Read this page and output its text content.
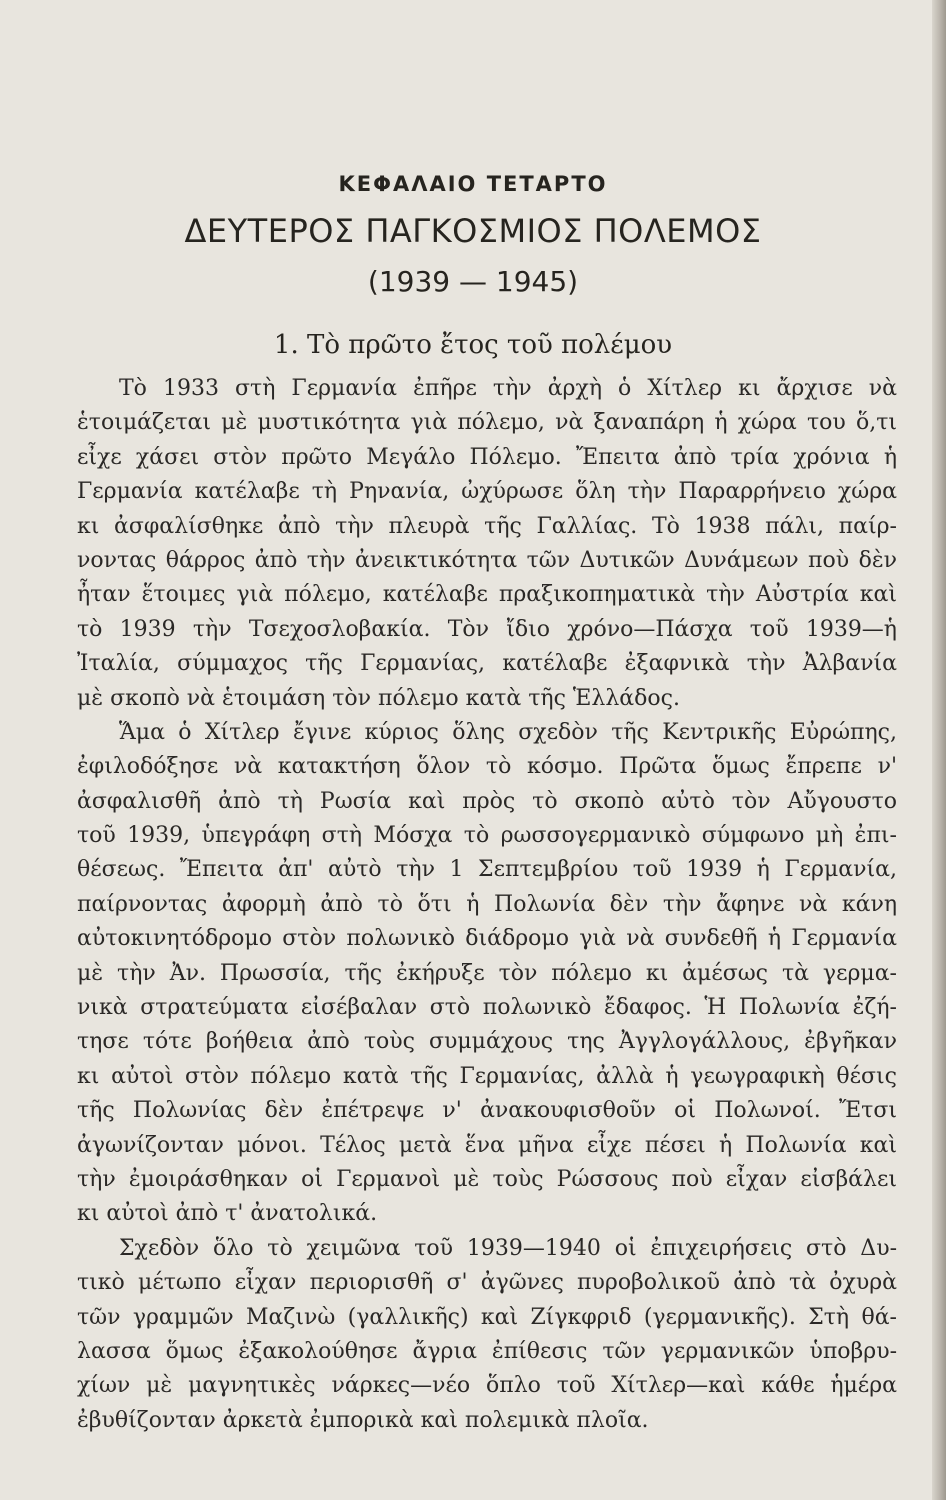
ΚΕΦΑΛΑΙΟ ΤΕΤΑΡΤΟ
ΔΕΥΤΕΡΟΣ ΠΑΓΚΟΣΜΙΟΣ ΠΟΛΕΜΟΣ
(1939 — 1945)
1. Τὸ πρῶτο ἔτος τοῦ πολέμου
Τὸ 1933 στὴ Γερμανία ἐπῆρε τὴν ἀρχὴ ὁ Χίτλερ κι ἄρχισε νὰ
ἑτοιμάζεται μὲ μυστικότητα γιὰ πόλεμο, νὰ ξαναπάρη ἡ χώρα του ὅ,τι
εἶχε χάσει στὸν πρῶτο Μεγάλο Πόλεμο. Ἔπειτα ἀπὸ τρία χρόνια ἡ
Γερμανία κατέλαβε τὴ Ρηνανία, ὠχύρωσε ὅλη τὴν Παραρρήνειο χώρα
κι ἀσφαλίσθηκε ἀπὸ τὴν πλευρὰ τῆς Γαλλίας. Τὸ 1938 πάλι, παίρ-
νοντας θάρρος ἀπὸ τὴν ἀνεικτικότητα τῶν Δυτικῶν Δυνάμεων ποὺ δὲν
ἦταν ἕτοιμες γιὰ πόλεμο, κατέλαβε πραξικοπηματικὰ τὴν Αὐστρία καὶ
τὸ 1939 τὴν Τσεχοσλοβακία. Τὸν ἴδιο χρόνο—Πάσχα τοῦ 1939—ἡ
Ἰταλία, σύμμαχος τῆς Γερμανίας, κατέλαβε ἐξαφνικὰ τὴν Ἀλβανία
μὲ σκοπὸ νὰ ἑτοιμάση τὸν πόλεμο κατὰ τῆς Ἑλλάδος.
Ἅμα ὁ Χίτλερ ἔγινε κύριος ὅλης σχεδὸν τῆς Κεντρικῆς Εὐρώπης,
ἐφιλοδόξησε νὰ κατακτήση ὅλον τὸ κόσμο. Πρῶτα ὅμως ἔπρεπε ν'
ἀσφαλισθῆ ἀπὸ τὴ Ρωσία καὶ πρὸς τὸ σκοπὸ αὐτὸ τὸν Αὔγουστο
τοῦ 1939, ὑπεγράφη στὴ Μόσχα τὸ ρωσσογερμανικὸ σύμφωνο μὴ ἐπι-
θέσεως. Ἔπειτα ἀπ' αὐτὸ τὴν 1 Σεπτεμβρίου τοῦ 1939 ἡ Γερμανία,
παίρνοντας ἀφορμὴ ἀπὸ τὸ ὅτι ἡ Πολωνία δὲν τὴν ἄφηνε νὰ κάνη
αὐτοκινητόδρομο στὸν πολωνικὸ διάδρομο γιὰ νὰ συνδεθῆ ἡ Γερμανία
μὲ τὴν Ἀν. Πρωσσία, τῆς ἐκήρυξε τὸν πόλεμο κι ἀμέσως τὰ γερμα-
νικὰ στρατεύματα εἰσέβαλαν στὸ πολωνικὸ ἔδαφος. Ἡ Πολωνία ἐζή-
τησε τότε βοήθεια ἀπὸ τοὺς συμμάχους της Ἀγγλογάλλους, ἐβγῆκαν
κι αὐτοὶ στὸν πόλεμο κατὰ τῆς Γερμανίας, ἀλλὰ ἡ γεωγραφικὴ θέσις
τῆς Πολωνίας δὲν ἐπέτρεψε ν' ἀνακουφισθοῦν οἱ Πολωνοί. Ἔτσι
ἀγωνίζονταν μόνοι. Τέλος μετὰ ἕνα μῆνα εἶχε πέσει ἡ Πολωνία καὶ
τὴν ἐμοιράσθηκαν οἱ Γερμανοὶ μὲ τοὺς Ρώσσους ποὺ εἶχαν εἰσβάλει
κι αὐτοὶ ἀπὸ τ' ἀνατολικά.
Σχεδὸν ὅλο τὸ χειμῶνα τοῦ 1939—1940 οἱ ἐπιχειρήσεις στὸ Δυ-
τικὸ μέτωπο εἶχαν περιορισθῆ σ' ἀγῶνες πυροβολικοῦ ἀπὸ τὰ ὀχυρὰ
τῶν γραμμῶν Μαζινὼ (γαλλικῆς) καὶ Ζίγκφριδ (γερμανικῆς). Στὴ θά-
λασσα ὅμως ἐξακολούθησε ἄγρια ἐπίθεσις τῶν γερμανικῶν ὑποβρυ-
χίων μὲ μαγνητικὲς νάρκες—νέο ὅπλο τοῦ Χίτλερ—καὶ κάθε ἡμέρα
ἐβυθίζονταν ἀρκετὰ ἐμπορικὰ καὶ πολεμικὰ πλοῖα.
